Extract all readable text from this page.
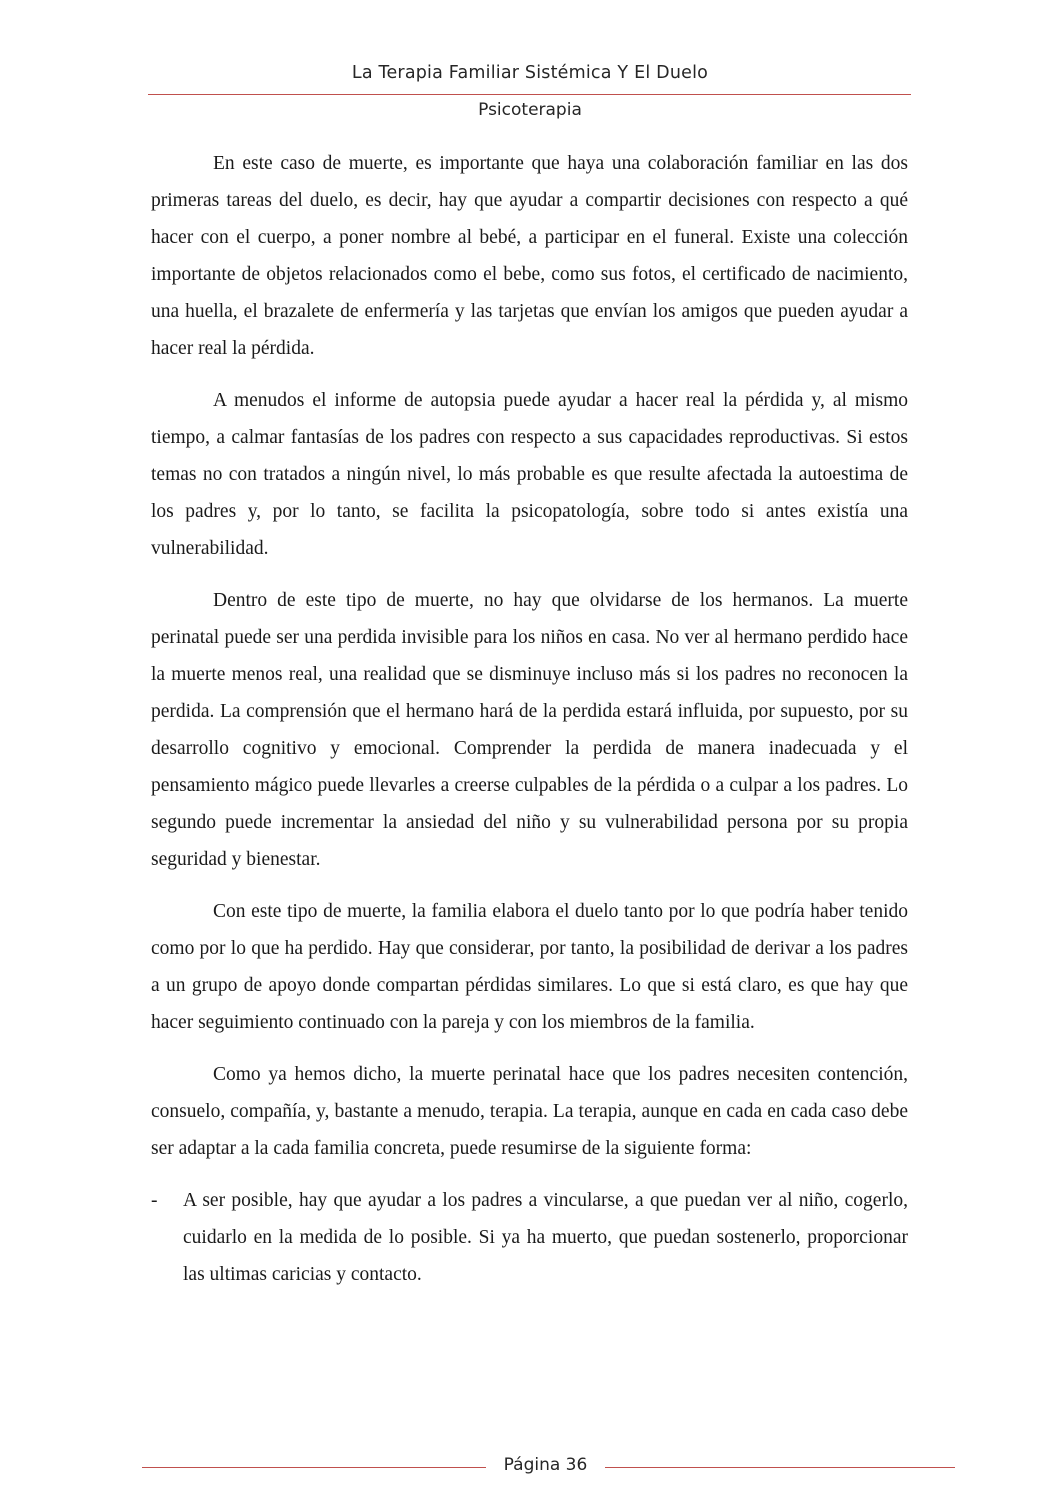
La Terapia Familiar Sistémica Y El Duelo
Psicoterapia

En este caso de muerte, es importante que haya una colaboración familiar en las dos primeras tareas del duelo, es decir, hay que ayudar a compartir decisiones con respecto a qué hacer con el cuerpo, a poner nombre al bebé, a participar en el funeral. Existe una colección importante de objetos relacionados como el bebe, como sus fotos, el certificado de nacimiento, una huella, el brazalete de enfermería y las tarjetas que envían los amigos que pueden ayudar a hacer real la pérdida.

A menudos el informe de autopsia puede ayudar a hacer real la pérdida y, al mismo tiempo, a calmar fantasías de los padres con respecto a sus capacidades reproductivas. Si estos temas no con tratados a ningún nivel, lo más probable es que resulte afectada la autoestima de los padres y, por lo tanto, se facilita la psicopatología, sobre todo si antes existía una vulnerabilidad.

Dentro de este tipo de muerte, no hay que olvidarse de los hermanos. La muerte perinatal puede ser una perdida invisible para los niños en casa. No ver al hermano perdido hace la muerte menos real, una realidad que se disminuye incluso más si los padres no reconocen la perdida. La comprensión que el hermano hará de la perdida estará influida, por supuesto, por su desarrollo cognitivo y emocional. Comprender la perdida de manera inadecuada y el pensamiento mágico puede llevarles a creerse culpables de la pérdida o a culpar a los padres. Lo segundo puede incrementar la ansiedad del niño y su vulnerabilidad persona por su propia seguridad y bienestar.

Con este tipo de muerte, la familia elabora el duelo tanto por lo que podría haber tenido como por lo que ha perdido. Hay que considerar, por tanto, la posibilidad de derivar a los padres a un grupo de apoyo donde compartan pérdidas similares. Lo que si está claro, es que hay que hacer seguimiento continuado con la pareja y con los miembros de la familia.

Como ya hemos dicho, la muerte perinatal hace que los padres necesiten contención, consuelo, compañía, y, bastante a menudo, terapia. La terapia, aunque en cada en cada caso debe ser adaptar a la cada familia concreta, puede resumirse de la siguiente forma:

-	A ser posible, hay que ayudar a los padres a vincularse, a que puedan ver al niño, cogerlo, cuidarlo en la medida de lo posible. Si ya ha muerto, que puedan sostenerlo, proporcionar las ultimas caricias y contacto.
Página 36
